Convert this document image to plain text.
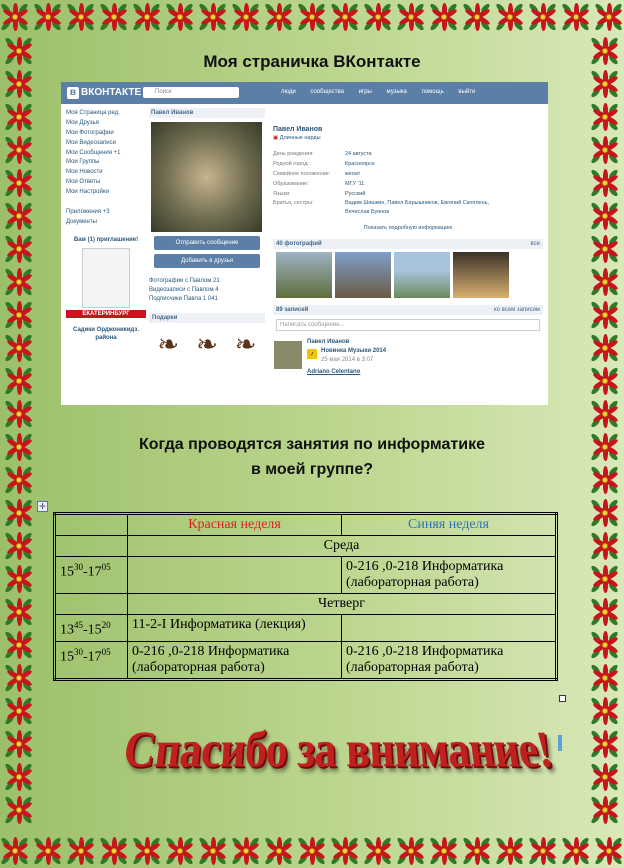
Моя страничка ВКонтакте
в ВКОНТАКТЕ	Поиск	люди сообщества игры музыка помощь выйти
Моя Страница ред.
Мои Друзья
Мои Фотографии
Мои Видеозаписи
Мои Сообщения +1
Мои Группы
Мои Новости
Мои Ответы
Мои Настройки
Приложения +3
Документы
Вам (1) приглашение!
ЕКАТЕРИНБУРГ
Садики Орджоникидз. района
Павел Иванов
Отправить сообщение
Добавить в друзья
Фотографии с Павлом 21
Видеозаписи с Павлом 4
Подписчики Павла 1 041
Подарки
❧ ❧ ❧
Павел Иванов
▣ Длинные нарды
День рождения:	24 августа
Родной город:	Красноярск
Семейное положение:	женат
Образование:	МГУ '11
Языки:	Русский
Братья, сестры:	Вадим Шишкин, Павел Барышников, Евгений Скоплень, Вячеслав Буянов
Показать подробную информацию
40 фотографий	все
89 записей	ко всем записям
Написать сообщение...
Павел Иванов
♪	Новинка Музыки 2014
25 мая 2014 в 3:07
Adriano Celentano
Когда проводятся занятия по информатике
в моей группе?
✛
	Красная неделя	Синяя неделя
	Среда	
$15^{30}-17^{05}$		0-216 ,0-218 Информатика (лабораторная работа)
	Четверг	
$13^{45}-15^{20}$	11-2-I Информатика (лекция)	
$15^{30}-17^{05}$	0-216 ,0-218 Информатика (лабораторная работа)	0-216 ,0-218 Информатика (лабораторная работа)
Спасибо за внимание!
